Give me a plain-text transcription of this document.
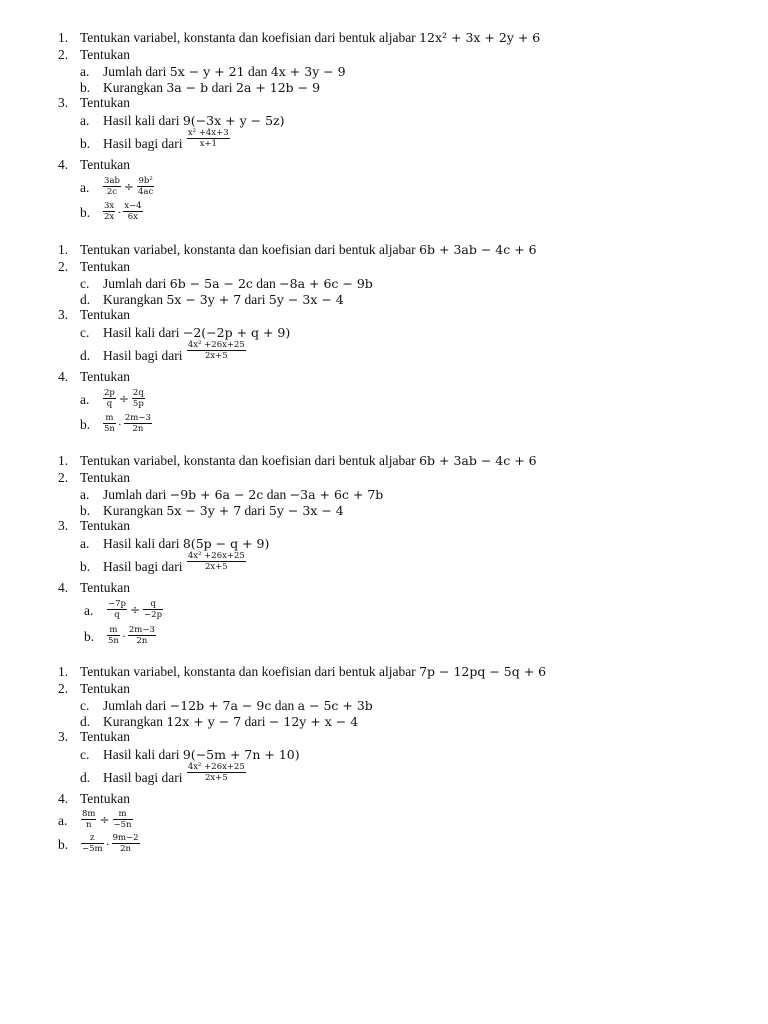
1. Tentukan variabel, konstanta dan koefisian dari bentuk aljabar 12x² + 3x + 2y + 6
2. Tentukan
a. Jumlah dari 5x − y + 21 dan 4x + 3y − 9
b. Kurangkan 3a − b dari 2a + 12b − 9
3. Tentukan
a. Hasil kali dari 9(−3x + y − 5z)
b. Hasil bagi dari $\frac{\text{x² +4x+3}}{x+1}$
4. Tentukan
a. $\frac{3ab}{2c} \div \frac{\text{9b²}}{4ac}$
b. $\frac{3x}{2x} \cdot \frac{x-4}{6x}$
1. Tentukan variabel, konstanta dan koefisian dari bentuk aljabar 6b + 3ab − 4c + 6
2. Tentukan
c. Jumlah dari 6b − 5a − 2c dan −8a + 6c − 9b
d. Kurangkan 5x − 3y + 7 dari 5y − 3x − 4
3. Tentukan
c. Hasil kali dari −2(−2p + q + 9)
d. Hasil bagi dari $\frac{\text{4x² +26x+25}}{2x+5}$
4. Tentukan
a. $\frac{2p}{q} \div \frac{2q}{5p}$
b. $\frac{m}{5n} \cdot \frac{2m-3}{2n}$
1. Tentukan variabel, konstanta dan koefisian dari bentuk aljabar 6b + 3ab − 4c + 6
2. Tentukan
a. Jumlah dari −9b + 6a − 2c dan −3a + 6c + 7b
b. Kurangkan 5x − 3y + 7 dari 5y − 3x − 4
3. Tentukan
a. Hasil kali dari 8(5p − q + 9)
b. Hasil bagi dari $\frac{\text{4x² +26x+25}}{2x+5}$
4. Tentukan
a. $\frac{-7p}{q} \div \frac{q}{-2p}$
b. $\frac{m}{5n} \cdot \frac{2m-3}{2n}$
1. Tentukan variabel, konstanta dan koefisian dari bentuk aljabar 7p − 12pq − 5q + 6
2. Tentukan
c. Jumlah dari −12b + 7a − 9c dan a − 5c + 3b
d. Kurangkan 12x + y − 7 dari − 12y + x − 4
3. Tentukan
c. Hasil kali dari 9(−5m + 7n + 10)
d. Hasil bagi dari $\frac{\text{4x² +26x+25}}{2x+5}$
4. Tentukan
a. $\frac{8m}{n} \div \frac{m}{-5n}$
b. $\frac{z}{-5m} \cdot \frac{9m-2}{2n}$
